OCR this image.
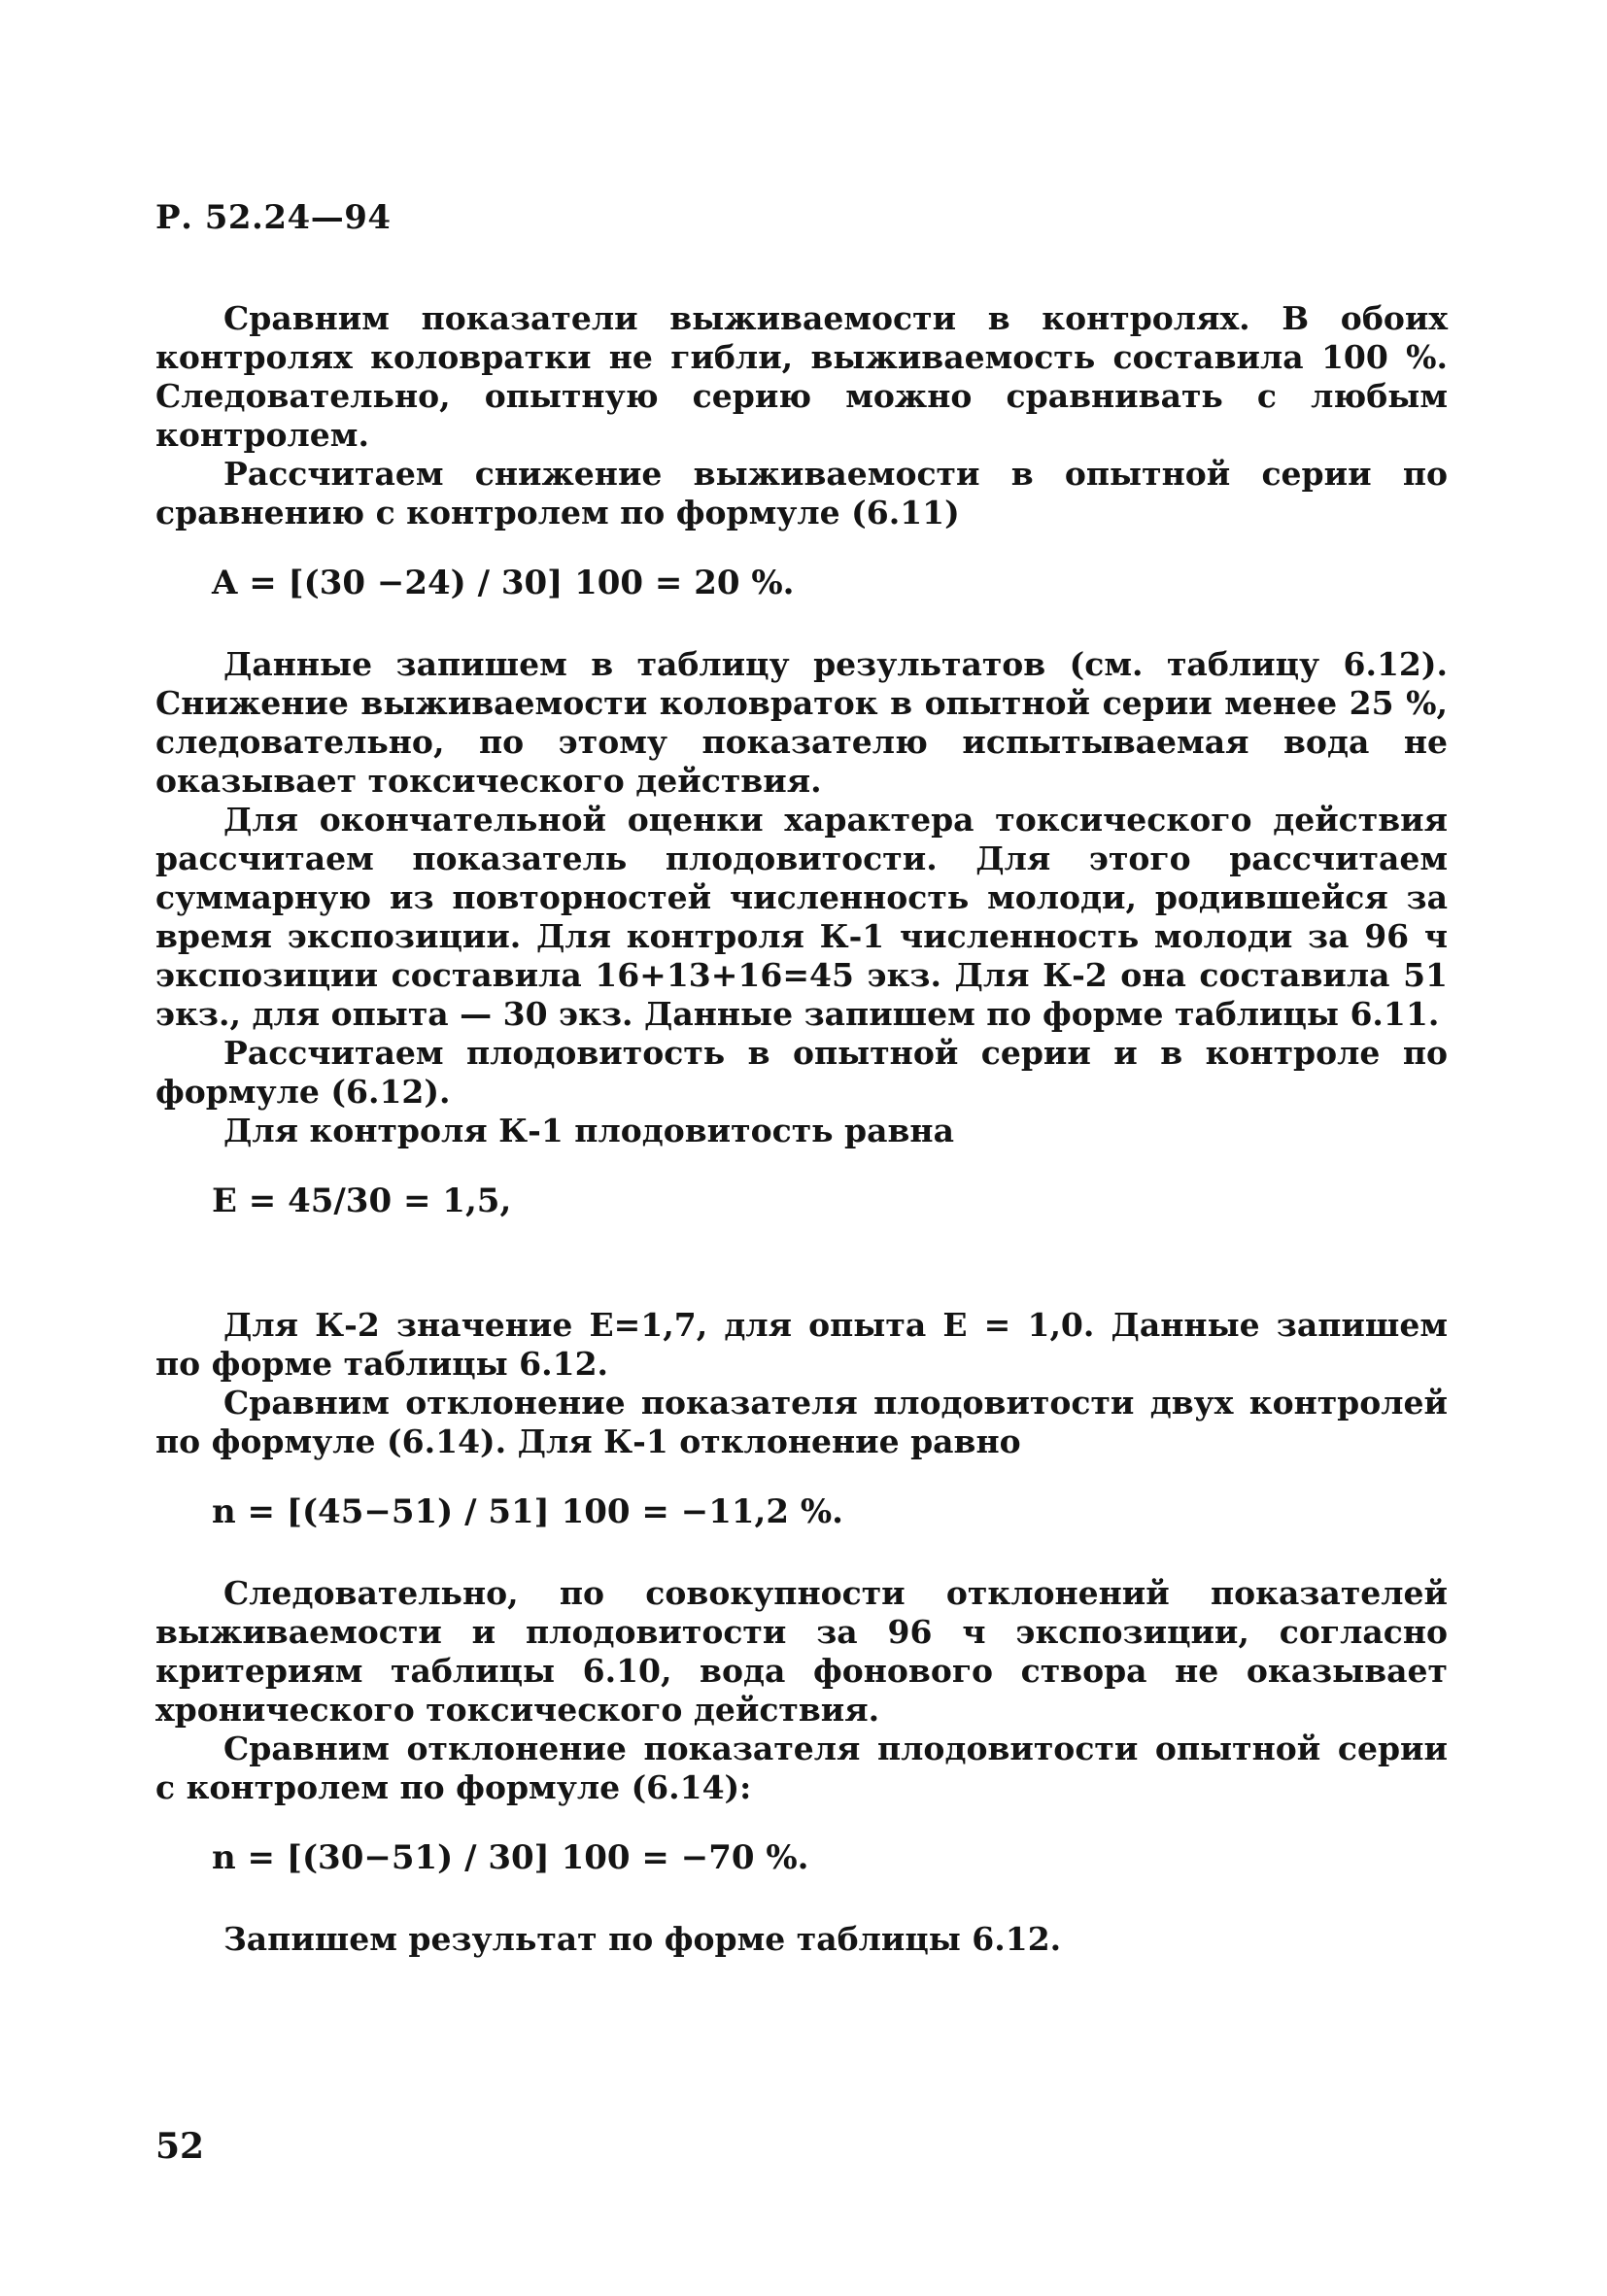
Р. 52.24—94

Сравним показатели выживаемости в контролях. В обоих контролях коловратки не гибли, выживаемость составила 100 %. Следовательно, опытную серию можно сравнивать с любым контролем.

Рассчитаем снижение выживаемости в опытной серии по сравнению с контролем по формуле (6.11)

A = [(30 −24) / 30] 100 = 20 %.

Данные запишем в таблицу результатов (см. таблицу 6.12). Снижение выживаемости коловраток в опытной серии менее 25 %, следовательно, по этому показателю испытываемая вода не оказывает токсического действия.

Для окончательной оценки характера токсического действия рассчитаем показатель плодовитости. Для этого рассчитаем суммарную из повторностей численность молоди, родившейся за время экспозиции. Для контроля К-1 численность молоди за 96 ч экспозиции составила 16+13+16=45 экз. Для К-2 она составила 51 экз., для опыта — 30 экз. Данные запишем по форме таблицы 6.11.

Рассчитаем плодовитость в опытной серии и в контроле по формуле (6.12).

Для контроля К-1 плодовитость равна

E = 45/30 = 1,5,

Для К-2 значение E=1,7, для опыта E = 1,0. Данные запишем по форме таблицы 6.12.

Сравним отклонение показателя плодовитости двух контролей по формуле (6.14). Для К-1 отклонение равно

n = [(45−51) / 51] 100 = −11,2 %.

Следовательно, по совокупности отклонений показателей выживаемости и плодовитости за 96 ч экспозиции, согласно критериям таблицы 6.10, вода фонового створа не оказывает хронического токсического действия.

Сравним отклонение показателя плодовитости опытной серии с контролем по формуле (6.14):

n = [(30−51) / 30] 100 = −70 %.

Запишем результат по форме таблицы 6.12.

52
